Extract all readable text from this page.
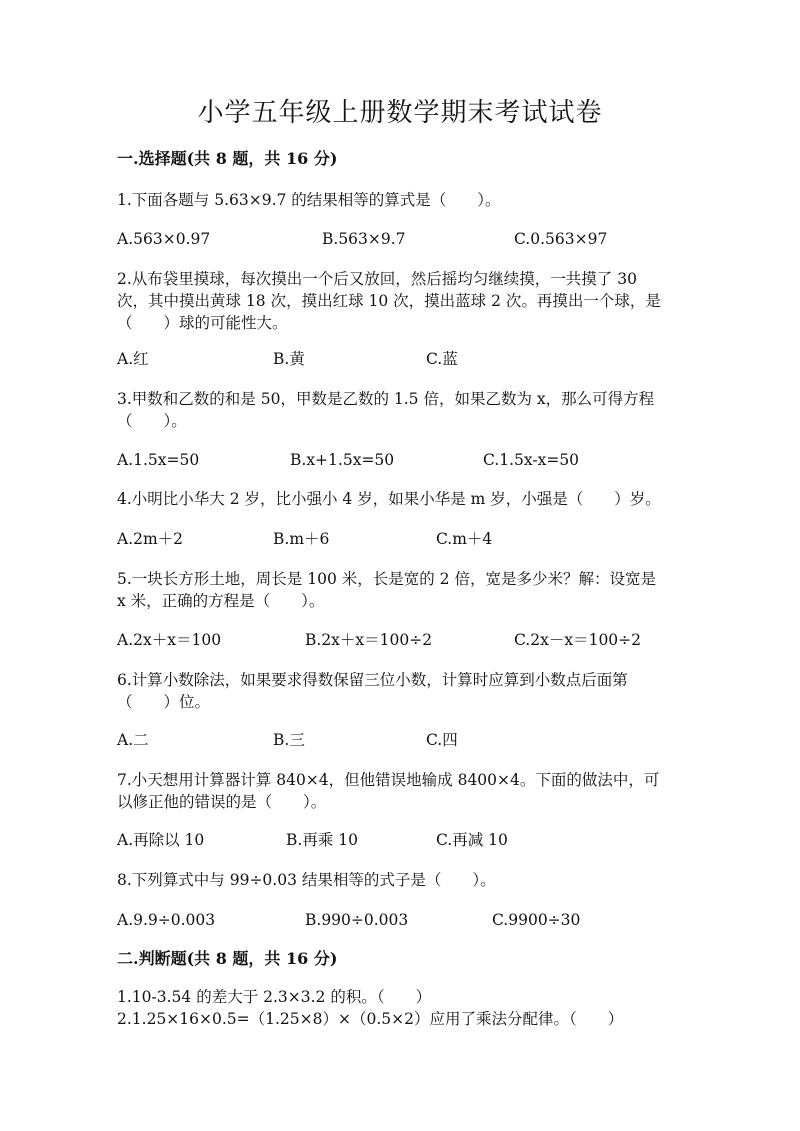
小学五年级上册数学期末考试试卷
一.选择题(共 8 题，共 16 分)
1.下面各题与 5.63×9.7 的结果相等的算式是（　　）。
A.563×0.97	B.563×9.7	C.0.563×97
2.从布袋里摸球，每次摸出一个后又放回，然后摇均匀继续摸，一共摸了 30
次，其中摸出黄球 18 次，摸出红球 10 次，摸出蓝球 2 次。再摸出一个球，是
（　　）球的可能性大。
A.红	B.黄	C.蓝
3.甲数和乙数的和是 50，甲数是乙数的 1.5 倍，如果乙数为 x，那么可得方程
（　　）。
A.1.5x=50	B.x+1.5x=50	C.1.5x-x=50
4.小明比小华大 2 岁，比小强小 4 岁，如果小华是 m 岁，小强是（　　）岁。
A.2m＋2	B.m＋6	C.m＋4
5.一块长方形土地，周长是 100 米，长是宽的 2 倍，宽是多少米？解：设宽是
x 米，正确的方程是（　　）。
A.2x＋x＝100	B.2x＋x＝100÷2	C.2x－x＝100÷2
6.计算小数除法，如果要求得数保留三位小数，计算时应算到小数点后面第
（　　）位。
A.二	B.三	C.四
7.小天想用计算器计算 840×4，但他错误地输成 8400×4。下面的做法中，可
以修正他的错误的是（　　）。
A.再除以 10	B.再乘 10	C.再减 10
8.下列算式中与 99÷0.03 结果相等的式子是（　　）。
A.9.9÷0.003	B.990÷0.003	C.9900÷30
二.判断题(共 8 题，共 16 分)
1.10-3.54 的差大于 2.3×3.2 的积。（　　）
2.1.25×16×0.5=（1.25×8）×（0.5×2）应用了乘法分配律。（　　）
